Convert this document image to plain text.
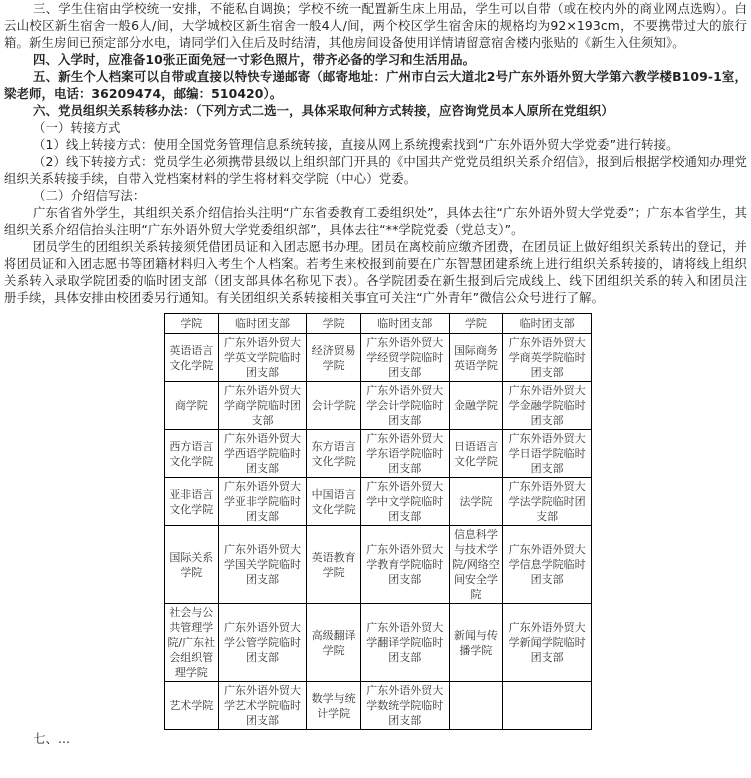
三、学生住宿由学校统一安排，不能私自调换；学校不统一配置新生床上用品，学生可以自带（或在校内外的商业网点选购）。白云山校区新生宿舍一般6人/间，大学城校区新生宿舍一般4人/间，两个校区学生宿舍床的规格均为92×193cm，不要携带过大的旅行箱。新生房间已预定部分水电，请同学们入住后及时结清，其他房间设备使用详情请留意宿舍楼内张贴的《新生入住须知》。

四、入学时，应准备10张正面免冠一寸彩色照片，带齐必备的学习和生活用品。

五、新生个人档案可以自带或直接以特快专递邮寄（邮寄地址：广州市白云大道北2号广东外语外贸大学第六教学楼B109-1室，梁老师，电话：36209474，邮编：510420）。

六、党员组织关系转移办法：（下列方式二选一，具体采取何种方式转接，应咨询党员本人原所在党组织）

（一）转接方式

（1）线上转接方式：使用全国党务管理信息系统转接，直接从网上系统搜索找到“广东外语外贸大学党委”进行转接。

（2）线下转接方式：党员学生必须携带县级以上组织部门开具的《中国共产党党员组织关系介绍信》，报到后根据学校通知办理党组织关系转接手续，自带入党档案材料的学生将材料交学院（中心）党委。

（二）介绍信写法：

广东省省外学生，其组织关系介绍信抬头注明“广东省委教育工委组织处”，具体去往“广东外语外贸大学党委”；广东本省学生，其组织关系介绍信抬头注明“广东外语外贸大学党委组织部”，具体去往“**学院党委（党总支）”。

团员学生的团组织关系转接须凭借团员证和入团志愿书办理。团员在离校前应缴齐团费，在团员证上做好组织关系转出的登记，并将团员证和入团志愿书等团籍材料归入考生个人档案。若考生来校报到前要在广东智慧团建系统上进行组织关系转接的，请将线上组织关系转入录取学院团委的临时团支部（团支部具体名称见下表）。各学院团委在新生报到后完成线上、线下团组织关系的转入和团员注册手续，具体安排由校团委另行通知。有关团组织关系转接相关事宜可关注“广外青年”微信公众号进行了解。

学院	临时团支部	学院	临时团支部	学院	临时团支部
英语语言文化学院	广东外语外贸大学英文学院临时团支部	经济贸易学院	广东外语外贸大学经贸学院临时团支部	国际商务英语学院	广东外语外贸大学商英学院临时团支部
商学院	广东外语外贸大学商学院临时团支部	会计学院	广东外语外贸大学会计学院临时团支部	金融学院	广东外语外贸大学金融学院临时团支部
西方语言文化学院	广东外语外贸大学西语学院临时团支部	东方语言文化学院	广东外语外贸大学东语学院临时团支部	日语语言文化学院	广东外语外贸大学日语学院临时团支部
亚非语言文化学院	广东外语外贸大学亚非学院临时团支部	中国语言文化学院	广东外语外贸大学中文学院临时团支部	法学院	广东外语外贸大学法学院临时团支部
国际关系学院	广东外语外贸大学国关学院临时团支部	英语教育学院	广东外语外贸大学教育学院临时团支部	信息科学与技术学院/网络空间安全学院	广东外语外贸大学信息学院临时团支部
社会与公共管理学院/广东社会组织管理学院	广东外语外贸大学公管学院临时团支部	高级翻译学院	广东外语外贸大学翻译学院临时团支部	新闻与传播学院	广东外语外贸大学新闻学院临时团支部
艺术学院	广东外语外贸大学艺术学院临时团支部	数学与统计学院	广东外语外贸大学数统学院临时团支部		

七、...
